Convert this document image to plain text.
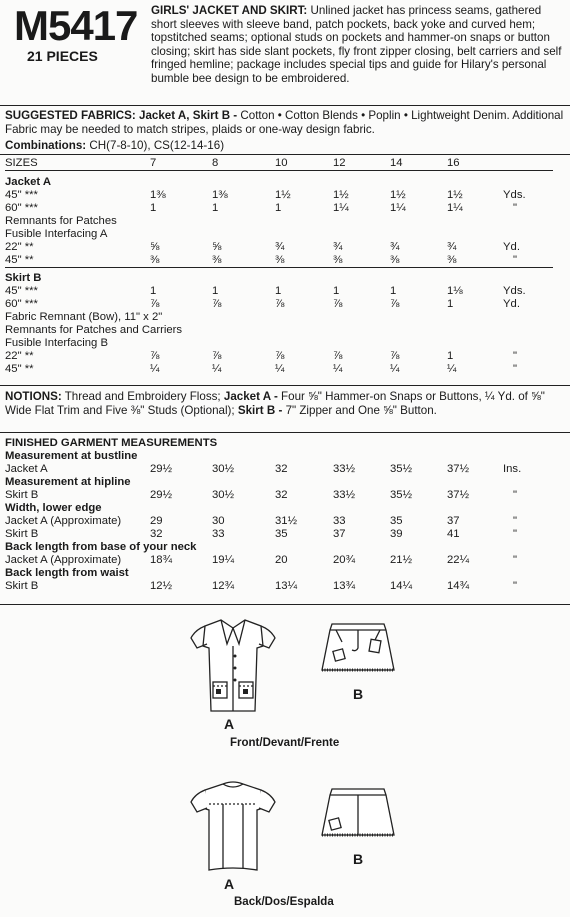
M5417
21 PIECES
GIRLS' JACKET AND SKIRT: Unlined jacket has princess seams, gathered short sleeves with sleeve band, patch pockets, back yoke and curved hem; topstitched seams; optional studs on pockets and hammer-on snaps or button closing; skirt has side slant pockets, fly front zipper closing, belt carriers and self fringed hemline; package includes special tips and guide for Hilary's personal bumble bee design to be embroidered.
SUGGESTED FABRICS: Jacket A, Skirt B - Cotton • Cotton Blends • Poplin • Lightweight Denim. Additional Fabric may be needed to match stripes, plaids or one-way design fabric.
Combinations: CH(7-8-10), CS(12-14-16)
SIZES	7	8	10	12	14	16	

Jacket A							
45" ***	1⅜	1⅜	1½	1½	1½	1½	Yds.
60" ***	1	1	1	1¼	1¼	1¼	"
Remnants for Patches							
Fusible Interfacing A							
22" **	⅝	⅝	¾	¾	¾	¾	Yd.
45" **	⅜	⅜	⅜	⅜	⅜	⅜	"

Skirt B							
45" ***	1	1	1	1	1	1⅛	Yds.
60" ***	⅞	⅞	⅞	⅞	⅞	1	Yd.
Fabric Remnant (Bow), 11" x 2"							
Remnants for Patches and Carriers							
Fusible Interfacing B							
22" **	⅞	⅞	⅞	⅞	⅞	1	"
45" **	¼	¼	¼	¼	¼	¼	"
NOTIONS: Thread and Embroidery Floss; Jacket A - Four ⅝" Hammer-on Snaps or Buttons, ¼ Yd. of ⅝" Wide Flat Trim and Five ⅜" Studs (Optional); Skirt B - 7" Zipper and One ⅝" Button.
FINISHED GARMENT MEASUREMENTS							
Measurement at bustline							
Jacket A	29½	30½	32	33½	35½	37½	Ins.
Measurement at hipline							
Skirt B	29½	30½	32	33½	35½	37½	"
Width, lower edge							
Jacket A (Approximate)	29	30	31½	33	35	37	"
Skirt B	32	33	35	37	39	41	"
Back length from base of your neck							
Jacket A (Approximate)	18¾	19¼	20	20¾	21½	22¼	"
Back length from waist							
Skirt B	12½	12¾	13¼	13¾	14¼	14¾	"
A
B
Front/Devant/Frente
A
B
Back/Dos/Espalda
